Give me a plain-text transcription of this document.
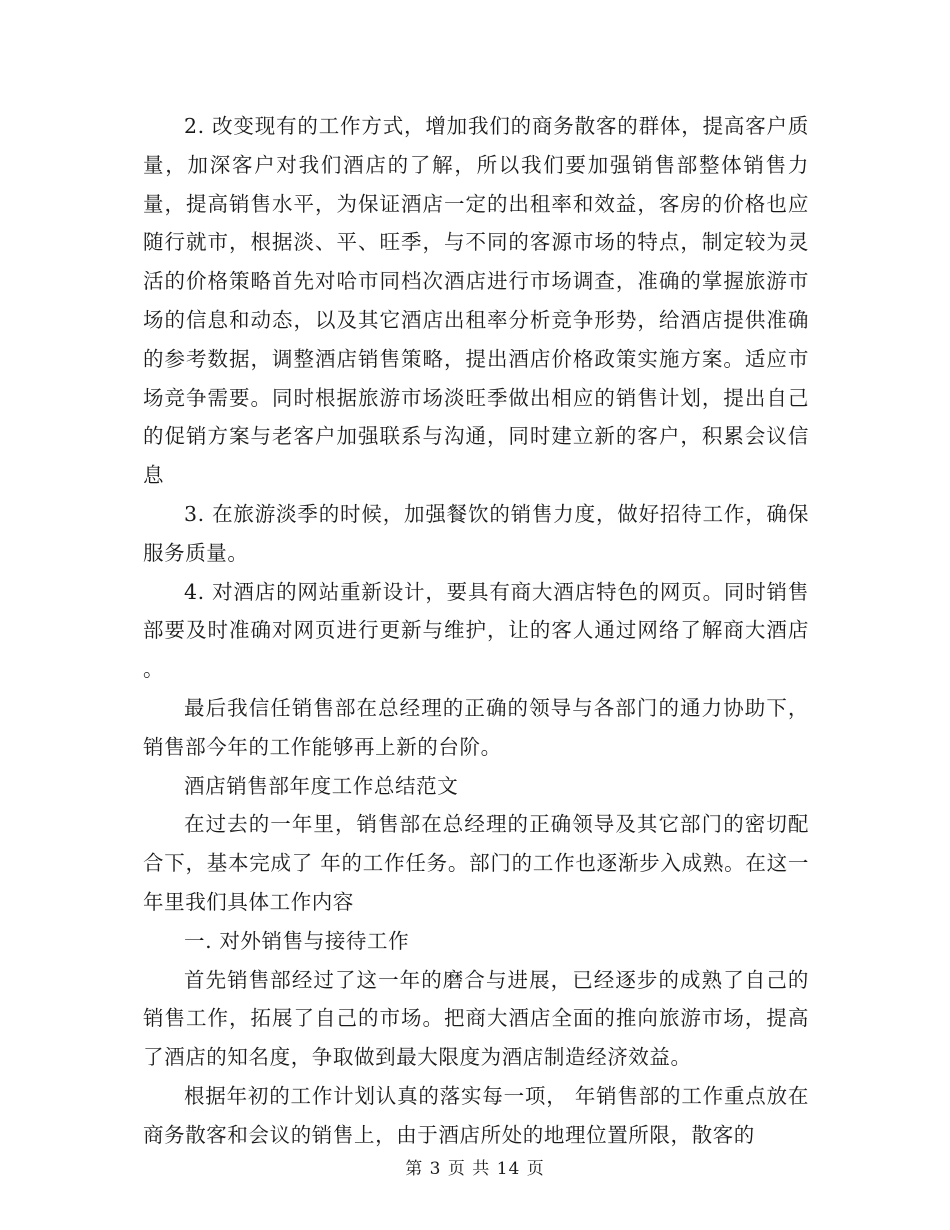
2. 改变现有的工作方式，增加我们的商务散客的群体，提高客户质量，加深客户对我们酒店的了解，所以我们要加强销售部整体销售力量，提高销售水平，为保证酒店一定的出租率和效益，客房的价格也应随行就市，根据淡、平、旺季，与不同的客源市场的特点，制定较为灵活的价格策略首先对哈市同档次酒店进行市场调查，准确的掌握旅游市场的信息和动态，以及其它酒店出租率分析竞争形势，给酒店提供准确的参考数据，调整酒店销售策略，提出酒店价格政策实施方案。适应市场竞争需要。同时根据旅游市场淡旺季做出相应的销售计划，提出自己的促销方案与老客户加强联系与沟通，同时建立新的客户，积累会议信息

3. 在旅游淡季的时候，加强餐饮的销售力度，做好招待工作，确保服务质量。

4. 对酒店的网站重新设计，要具有商大酒店特色的网页。同时销售部要及时准确对网页进行更新与维护，让的客人通过网络了解商大酒店 。

最后我信任销售部在总经理的正确的领导与各部门的通力协助下，销售部今年的工作能够再上新的台阶。

酒店销售部年度工作总结范文

在过去的一年里，销售部在总经理的正确领导及其它部门的密切配合下，基本完成了 年的工作任务。部门的工作也逐渐步入成熟。在这一年里我们具体工作内容

一. 对外销售与接待工作

首先销售部经过了这一年的磨合与进展，已经逐步的成熟了自己的销售工作，拓展了自己的市场。把商大酒店全面的推向旅游市场，提高了酒店的知名度，争取做到最大限度为酒店制造经济效益。

根据年初的工作计划认真的落实每一项， 年销售部的工作重点放在商务散客和会议的销售上，由于酒店所处的地理位置所限，散客的

第 3 页 共 14 页
